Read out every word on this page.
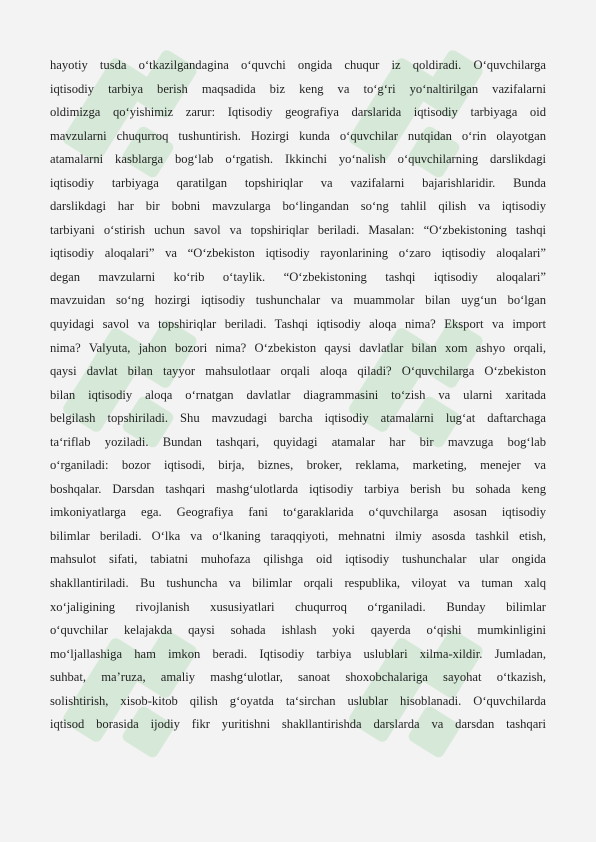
hayotiy tusda o‘tkazilgandagina o‘quvchi ongida chuqur iz qoldiradi. O‘quvchilarga
iqtisodiy tarbiya berish maqsadida biz keng va to‘g‘ri yo‘naltirilgan vazifalarni
oldimizga qo‘yishimiz zarur: Iqtisodiy geografiya darslarida iqtisodiy tarbiyaga oid
mavzularni chuqurroq tushuntirish. Hozirgi kunda o‘quvchilar nutqidan o‘rin olayotgan
atamalarni kasblarga bog‘lab o‘rgatish. Ikkinchi yo‘nalish o‘quvchilarning darslikdagi
iqtisodiy tarbiyaga qaratilgan topshiriqlar va vazifalarni bajarishlaridir. Bunda
darslikdagi har bir bobni mavzularga bo‘lingandan so‘ng tahlil qilish va iqtisodiy
tarbiyani o‘stirish uchun savol va topshiriqlar beriladi. Masalan: “O‘zbekistoning tashqi
iqtisodiy aloqalari” va “O‘zbekiston iqtisodiy rayonlarining o‘zaro iqtisodiy aloqalari”
degan mavzularni ko‘rib o‘taylik. “O‘zbekistoning tashqi iqtisodiy aloqalari”
mavzuidan so‘ng hozirgi iqtisodiy tushunchalar va muammolar bilan uyg‘un bo‘lgan
quyidagi savol va topshiriqlar beriladi. Tashqi iqtisodiy aloqa nima? Eksport va import
nima? Valyuta, jahon bozori nima? O‘zbekiston qaysi davlatlar bilan xom ashyo orqali,
qaysi davlat bilan tayyor mahsulotlaar orqali aloqa qiladi? O‘quvchilarga O‘zbekiston
bilan iqtisodiy aloqa o‘rnatgan davlatlar diagrammasini to‘zish va ularni xaritada
belgilash topshiriladi. Shu mavzudagi barcha iqtisodiy atamalarni lug‘at daftarchaga
ta‘riflab yoziladi. Bundan tashqari, quyidagi atamalar har bir mavzuga bog‘lab
o‘rganiladi: bozor iqtisodi, birja, biznes, broker, reklama, marketing, menejer va
boshqalar. Darsdan tashqari mashg‘ulotlarda iqtisodiy tarbiya berish bu sohada keng
imkoniyatlarga ega. Geografiya fani to‘garaklarida o‘quvchilarga asosan iqtisodiy
bilimlar beriladi. O‘lka va o‘lkaning taraqqiyoti, mehnatni ilmiy asosda tashkil etish,
mahsulot sifati, tabiatni muhofaza qilishga oid iqtisodiy tushunchalar ular ongida
shakllantiriladi. Bu tushuncha va bilimlar orqali respublika, viloyat va tuman xalq
xo‘jaligining rivojlanish xususiyatlari chuqurroq o‘rganiladi. Bunday bilimlar
o‘quvchilar kelajakda qaysi sohada ishlash yoki qayerda o‘qishi mumkinligini
mo‘ljallashiga ham imkon beradi. Iqtisodiy tarbiya uslublari xilma-xildir. Jumladan,
suhbat, ma’ruza, amaliy mashg‘ulotlar, sanoat shoxobchalariga sayohat o‘tkazish,
solishtirish, xisob-kitob qilish g‘oyatda ta‘sirchan uslublar hisoblanadi. O‘quvchilarda
iqtisod borasida ijodiy fikr yuritishni shakllantirishda darslarda va darsdan tashqari
